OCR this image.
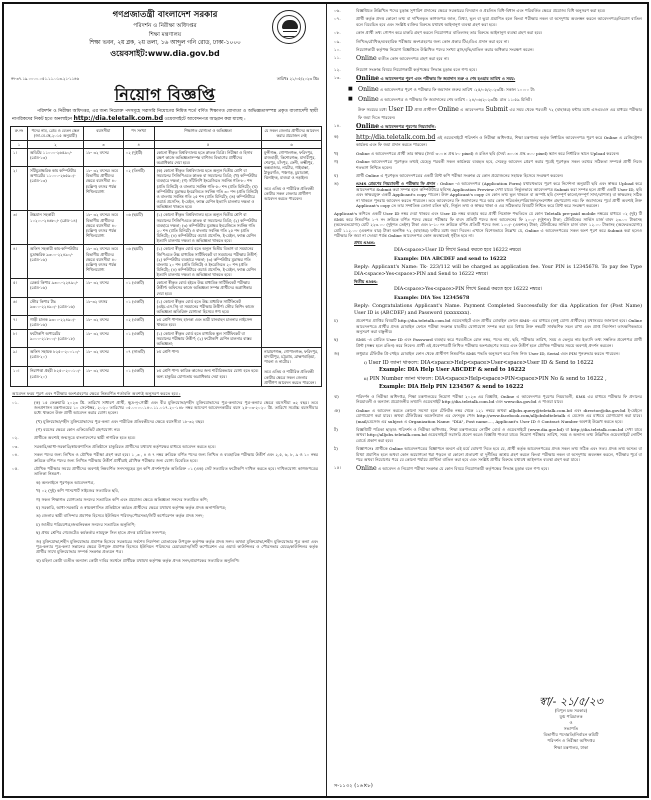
গণপ্রজাতন্ত্রী বাংলাদেশ সরকার
পরিদর্শন ও নিরীক্ষা অধিদপ্তর
শিক্ষা মন্ত্রণালয়
শিক্ষা ভবন, ২য় ব্লক, ২য় তলা, ১৬ আব্দুল গনি রোড, ঢাকা-১০০০
ওয়েবসাইট:www.dia.gov.bd
নং-৩৭.১৯.০০০০.০৫১.১১.০১৩.২১-১১৪৬	তারিখঃ ২১/০৫/২০২৩ খ্রিঃ
নিয়োগ বিজ্ঞপ্তি
পরিদর্শন ও নিরীক্ষা অধিদপ্তর, এর জন্য নিম্নোক্ত পদসমূহে সরাসরি নিয়োগের নিমিত্ত শর্তে বর্ণিত শিক্ষাগত যোগ্যতা ও অভিজ্ঞতাসম্পন্ন প্রকৃত বাংলাদেশী স্থায়ী নাগরিকদের নিকট হতে অনলাইনে http://dia.teletalk.com.bd ওয়েবসাইটে আবেদনপত্র আহ্বান করা যাচ্ছে :
ক্র.নং	পদের নাম, গ্রেড ও বেতন স্কেল (জা.বে.স্কে,২০১৫ অনুযায়ী)	বয়সসীমা	পদ সংখ্যা	শিক্ষাগত যোগ্যতা ও অভিজ্ঞতা	যে সকল জেলার প্রার্থীদের আবেদন করার প্রয়োজন নেই
১	২	৩	৪	৫	৬
১।	অডিটর ১১০০০-২৬৫৯০/- (গ্রেড-১৩)	১৮- ৩২ বৎসর	০২ (দুইটি)	কোনো স্বীকৃত বিশ্ববিদ্যালয় হতে স্নাতক ডিগ্রি। নিরীক্ষা ও হিসাব রক্ষণ কাজে অভিজ্ঞতাসম্পন্ন বাণিজ্য বিভাগের প্রার্থীদের অগ্রাধিকার দেয়া হবে।	মুন্সীগঞ্জ, গোপালগঞ্জ, ফরিদপুর, রাজবাড়ী, কিশোরগঞ্জ, মাদারীপুর, শেরপুর, চাঁদপুর, ফেনী, লক্ষ্মীপুর, কক্সবাজার, নাটোর, গাইবান্ধা, ঠাকুরগাঁও, পঞ্চগড়, চুয়াডাঙ্গা, ঝিনাইদহ, মাগুরা ও নড়াইল।
তবে এতিম ও শারীরিক প্রতিবন্ধী কোটার সকল জেলার প্রার্থীগণ আবেদন করতে পারবেন।

২।	সাঁটমুদ্রাক্ষরিক কাম কম্পিউটার অপারেটর ১১০০০-২৬৫৯০/- (গ্রেড-১৩)	১৮- ৩২ বৎসর। তবে বিভাগীয় প্রার্থীদের ক্ষেত্রে বয়সসীমা ৪০ (চল্লিশ) বৎসর পর্যন্ত শিথিলযোগ্য	০২ (তিনটি)	(ক) কোনো স্বীকৃত বিশ্ববিদ্যালয় হতে অন্যূন দ্বিতীয় শ্রেণি বা সমমানের সিজিপিএতে স্নাতক বা সমমানের ডিগ্রি; (খ) কম্পিউটার ব্যবহারে দক্ষতা; (গ) সাঁটলিপি ইংরেজিতে সর্বনিম্ন গতি-৮০ শব্দ (প্রতি মিনিটে) ও বাংলায় সর্বনিম্ন গতি-৫০ শব্দ (প্রতি মিনিটে); (ঘ) কম্পিউটার মুদ্রাক্ষর ইংরেজিতে সর্বনিম্ন গতি ৩০ শব্দ (প্রতি মিনিটে) ও বাংলায় সর্বনিম্ন গতি ২৫ শব্দ (প্রতি মিনিটে); (ঙ) কম্পিউটারে ওয়ার্ড প্রসেসিং, ই-মেইল, ফ্যাক্স মেশিন ইত্যাদি চালনায় দক্ষতা ও অভিজ্ঞতা থাকতে হবে।	
৩।	উচ্চমান সহকারী ১০২০০-২৪৬৮০/- (গ্রেড-১৪)	১৮- ৩২ বৎসর। তবে বিভাগীয় প্রার্থীদের ক্ষেত্রে বয়সসীমা ৪০ (চল্লিশ) বৎসর পর্যন্ত শিথিলযোগ্য	০৬ (ছয়টি)	(১) কোনো স্বীকৃত বিশ্ববিদ্যালয় হতে অন্যূন দ্বিতীয় শ্রেণি বা সমমানের সিজিপিএতে স্নাতক বা সমমানের ডিগ্রি; (২) কম্পিউটার ব্যবহারে দক্ষতা; (৩) কম্পিউটার মুদ্রাক্ষর ইংরেজিতে সর্বনিম্ন গতি ২০ শব্দ (প্রতি মিনিটে) ও বাংলায় সর্বনিম্ন গতি ২৫ শব্দ (প্রতি মিনিটে); (৪) কম্পিউটারে ওয়ার্ড প্রসেসিং, ই-মেইল, ফ্যাক্স মেশিন ইত্যাদি চালনায় দক্ষতা ও অভিজ্ঞতা থাকতে হবে।	
৪।	অফিস সহকারী কাম-কম্পিউটার মুদ্রাক্ষরিক ৯৩০০-২২৪৯০/- (গ্রেড-১৬)	১৮- ৩২ বৎসর। তবে বিভাগীয় প্রার্থীদের ক্ষেত্রে বয়সসীমা ৪০ (চল্লিশ) বৎসর পর্যন্ত শিথিলযোগ্য	০৬ (ছয়টি)	(১) কোনো স্বীকৃত বোর্ড হতে অন্যূন দ্বিতীয় বিভাগ বা সমমানের জিপিএতে উচ্চ মাধ্যমিক সার্টিফিকেট বা সমমানের পরীক্ষায় উত্তীর্ণ; (২) কম্পিউটার ব্যবহারে দক্ষতা; (৩) কম্পিউটার মুদ্রাক্ষর গতি বাংলায় ২০ শব্দ (প্রতি মিনিটে) ও ইংরেজিতে ২০ শব্দ (প্রতি মিনিটে); (৪) কম্পিউটারে ওয়ার্ড প্রসেসিং, ই-মেইল, ফ্যাক্স মেশিন ইত্যাদি চালনায় দক্ষতা ও অভিজ্ঞতা থাকতে হবে।	
৫।	রেকর্ড কিপার ৯৩০০-২২৪৯০/- (গ্রেড-১৬)	১৮- ৩২ বৎসর	০১ (একটি)	কোনো স্বীকৃত বোর্ড হইতে উচ্চ মাধ্যমিক সার্টিফিকেট পরীক্ষায় উত্তীর্ণ। অফিসের কাজে অভিজ্ঞতা সম্পন্ন প্রার্থীদের অগ্রাধিকার দেয়া হবে।	
৬।	স্টোর কিপার টাঃ ৯৩০০-২২৪৯০/- (গ্রেড-১৬)	১৮-৩২ বৎসর	০১ (একটি)	(১) কোনো স্বীকৃত বোর্ড হতে উচ্চ মাধ্যমিক সার্টিফিকেট (এইচ.এস.সি) বা সমমানের পরীক্ষায় উত্তীর্ণ। স্টোর কিপিং কাজে অভিজ্ঞতা অতিরিক্ত যোগ্যতা হিসেবে গণ্য হবে।	
৭।	গাড়ী চালক ৯৩০০-২২৪৯০/- (গ্রেড-১৬)	১৮- ৩২ বৎসর	০২ (একটি)	৮ম শ্রেণি পাশসহ হালকা এবং ভারী যানবাহন চালনার লাইসেন্স থাকতে হবে।	
৮।	ফটোকপি অপারেটর ৯০০০-২১৮০০/- (গ্রেড-১৮)	১৮- ৩২ বৎসর	০১ (একটি)	(১) কোনো স্বীকৃত বোর্ড হতে মাধ্যমিক স্কুল সার্টিফিকেট বা সমমানের পরীক্ষায় উত্তীর্ণ; (২) ফটোকপি মেশিন চালনার বাস্তব অভিজ্ঞতা;	
৯।	অফিস সহায়ক ৮২৫০-২০০১০/- (গ্রেড-২০)	১৮- ৩২ বৎসর	০৭ (সাতটি)	৮ম শ্রেণি পাশ।	নারায়ণগঞ্জ, গোপালগঞ্জ, ফরিদপুর, মাদারীপুর, চট্টগ্রাম, ব্রাহ্মণবাড়িয়া, পাবনা ও নাটোর।
তবে এতিম ও শারীরিক প্রতিবন্ধী কোটার ক্ষেত্রে সকল জেলার প্রার্থীগণ আবেদন করতে পারবেন।

১০।	নিরাপত্তা প্রহরী ৮২৫০-২০০১০/- (গ্রেড-২০)	১৮- ৩২ বৎসর	০১ (একটি)	৮ম শ্রেণি পাশ। কায়িক কাজের জন্য শারীরিকভাবে যোগ্য হতে হবে। অন্য চাকুরির যোগ্যতায় অগ্রাধিকার দেয়া হবে।	
আবেদন ফরম পূরণ এবং পরীক্ষায় অংশগ্রহণের ক্ষেত্রে নিম্নবর্ণিত শর্তাবলি অবশ্যই অনুসরণ করতে হবে :
০১.	(ক) ১৫ ফেব্রুয়ারি ২০২৩ খ্রি. তারিখে সাধারণ প্রার্থী, ক্ষুদ্র-নৃ-গোষ্ঠী এবং বীর মুক্তিযোদ্ধা/শহীদ মুক্তিযোদ্ধাদের পুত্র-কন্যাদের পুত্র-কন্যার ক্ষেত্রে বয়সসীমা ৩২ বছর। তবে জনপ্রশাসন মন্ত্রণালয়ের ১০ সেপ্টেম্বর, ২০২০ তারিখের ০৫.০০০০.১৪০.১১.০১৭.২০-১৪৮ নম্বর আদেশে আবেদনকারীর বয়স ২৫-০৩-২০২০ খ্রি. তারিখে সর্বোচ্চ বয়সসীমার মধ্যে থাকলে উক্ত প্রার্থী আবেদন করার যোগ্য হবেন।
(খ) মুক্তিযোদ্ধা/শহীদ মুক্তিযোদ্ধাদের পুত্র-কন্যা এবং শারীরিক প্রতিবন্ধীদের ক্ষেত্রে বয়সসীমা ১৮-৩২ বছর।
(গ) বয়সের ক্ষেত্রে কোন এফিডেভিট গ্রহণযোগ্য নয়।
০২.	প্রার্থীকে অবশ্যই জন্মসূত্রে বাংলাদেশের স্থায়ী নাগরিক হতে হবে।
০৩.	সরকারি/আধা-সরকারি/স্বায়ত্তশাসিত প্রতিষ্ঠানে চাকুরিরত প্রার্থীদের যথাযথ কর্তৃপক্ষের মাধ্যমে আবেদন করতে হবে।
০৪.	সকল পদের জন্য লিখিত ও মৌখিক পরীক্ষা গ্রহণ করা হবে। ১ ,৩ , ৪ ও ৭ নম্বর ক্রমিকে বর্ণিত পদের জন্য লিখিত ও ব্যবহারিক পরীক্ষায় উত্তীর্ণ এবং ২,৫, ৬, ৮, ৯ ও ১০ নম্বর ক্রমিকে বর্ণিত পদের জন্য লিখিত পরীক্ষায় উত্তীর্ণ প্রার্থীরাই মৌখিক পরীক্ষার জন্য যোগ্য বিবেচিত হবে।
০৫.	মৌখিক পরীক্ষার সময়ে প্রার্থীদের অবশ্যই নিম্নবর্ণিত সনদসমূহের মূল কপি প্রদর্শনপূর্বক অতিরিক্ত ০১ (এক) সেট সত্যায়িত ফটোকপি দাখিল করতে হবে। দাখিলযোগ্য কাগজপত্রের তালিকা নিম্নরূপ:
ক) অনলাইনে পূরণকৃত আবেদনপত্র,
খ) ০২ (দুই) কপি পাসপোর্ট সাইজের সত্যায়িত ছবি,
গ) সকল শিক্ষাগত যোগ্যতার সনদের সত্যায়িত কপি এবং প্রযোজ্য ক্ষেত্রে অভিজ্ঞতা সনদের সত্যায়িত কপি;
ঘ) সরকারি, আধা-সরকারি ও স্বায়ত্তশাসিত প্রতিষ্ঠানে কর্মরত প্রার্থীদের ক্ষেত্রে যথাযথ কর্তৃপক্ষ কর্তৃক প্রদত্ত অনাপত্তিপত্র;
ঙ) জেলার স্থায়ী বাসিন্দার প্রমাণক হিসেবে ইউনিয়ন পরিষদ/পৌরসভা/সিটি কর্পোরেশন কর্তৃক প্রদত্ত সনদ;
চ) জাতীয় পরিচয়পত্র/জন্মনিবন্ধন সনদের সত্যায়িত অনুলিপি;
ছ) প্রথম শ্রেণির গেজেটেড কর্মকর্তার নামযুক্ত সিল হাতে প্রদত্ত চারিত্রিক সনদপত্র;
জ) মুক্তিযোদ্ধা/শহীদ মুক্তিযোদ্ধার প্রমাণক হিসেবে সরকারের সর্বশেষ নির্দেশনা মোতাবেক উপযুক্ত কর্তৃপক্ষ কর্তৃক প্রদত্ত সনদ। অথবা মুক্তিযোদ্ধা/শহীদ মুক্তিযোদ্ধার পুত্র কন্যা এবং পুত্র-কন্যার পুত্র-কন্যা সন্তানের ক্ষেত্রে উপযুক্ত প্রমাণক হিসেবে ইউনিয়ন পরিষদের চেয়ারম্যান/সিটি কর্পোরেশন এর ওয়ার্ড কাউন্সিলর ও পৌরসভার মেয়র/কাউন্সিলর কর্তৃক প্রার্থীর সাথে মুক্তিযোদ্ধার সম্পর্ক সংক্রান্ত প্রত্যয়ন পত্র।
ঝ) মহিলা কোটা ব্যতীত অন্যান্য কোটা দাবির সমর্থনে প্রার্থীকে যথাযথ কর্তৃপক্ষ কর্তৃক প্রদত্ত সনদ/প্রমাণকের সত্যায়িত অনুলিপি।
০৬.	বিজ্ঞপ্তিতে উল্লিখিত পদের চূড়ান্ত সুপারিশ প্রদানের ক্ষেত্রে সরকারের বিদ্যমান ও প্রচলিত বিধি-বিধান এবং পরিবর্তিত ক্ষেত্রে প্রযোজ্য বিধি অনুসরণ করা হবে।
০৭.	প্রার্থী কর্তৃক প্রদত্ত কোনো তথ্য বা দাখিলকৃত কাগজপত্র জাল, মিথ্যা, ভুল বা ভুয়া প্রমাণিত হলে কিংবা পরীক্ষায় নকল বা অসদুপায় অবলম্বন করলে আবেদনপত্র/নিয়োগ বাতিল বলে বিবেচিত হবে এবং সংশ্লিষ্ট ব্যক্তির বিরুদ্ধে যথাযথ আইনানুগ ব্যবস্থা গ্রহণ করা হবে।
০৮.	কোন প্রার্থী তথ্য গোপন করে চাকরি গ্রহণ করলে নিয়োগপত্র বাতিলসহ তার বিরুদ্ধে আইনানুগ ব্যবস্থা গ্রহণ করা হবে।
০৯.	লিখিত/মৌখিক/ব্যবহারিক পরীক্ষায় অংশগ্রহণের জন্য কোন প্রকার টিএ/ডিএ প্রদান করা হবে না।
১০.	নিয়োগকারী কর্তৃপক্ষ নিয়োগ বিজ্ঞপ্তিতে উল্লিখিত পদের সংখ্যা হ্রাস/বৃদ্ধি/বাতিল করার অধিকার সংরক্ষণ করেন।
১১.	Online ব্যতীত কোন আবেদনপত্র গ্রহণ করা হবে না।
১২.	নিয়োগ সংক্রান্ত বিষয়ে নিয়োগকারী কর্তৃপক্ষের সিদ্ধান্ত চূড়ান্ত বলে গণ্য হবে।
১৩.	Online এ আবেদনপত্র পূরণ এবং পরীক্ষার ফি জমাদান শুরু ও শেষ হওয়ার তারিখ ও সময়:
■ Online এ আবেদনপত্র পূরণ ও পরীক্ষার ফি জমাদান শুরুর তারিখ :২৫/০৫/২০২৩খ্রি: সকাল ১০:০০ টা:
■ Online এ আবেদনপত্র ও পরীক্ষার ফি জমাদানের শেষ তারিখ : ২৪/০৬/২০২৩খ্রি: রাত ১১:৫৯ মিনিট।
উক্ত সময়ের মধ্যে User ID প্রাপ্ত প্রার্থীগণ Online এ আবেদনপত্র Submit এর সময় থেকে পরবর্তী ৭২ (বাহাত্তর) ঘন্টার মধ্যে এসএমএস এর মাধ্যমে পরীক্ষার ফি জমা দিতে পারবেন।
১৪.	Online এ আবেদনপত্র পূরণের নিয়মাবলি:
ক)	http://dia.teletalk.com.bd এই ওয়েবসাইটে পরিদর্শন ও নিরীক্ষা অধিদপ্তর, শিক্ষা মন্ত্রণালয় কর্তৃক নির্ধারিত আবেদনপত্র পূরণ করে Online এ রেজিস্ট্রেশন কার্যক্রম এবং ফি জমা প্রদান করতে পারবেন।
খ)	Online এ আবেদনপত্রে প্রার্থী তার স্বাক্ষর (দৈর্ঘ্য ৩০০× প্রস্থ ৮০ pixel) ও রঙিন ছবি (দৈর্ঘ্য ৩০০× প্রস্থ ৩০০ pixel) স্ক্যান করে নির্ধারিত স্থানে Upload করবেন।
গ)	Online আবেদনপত্রে পূরণকৃত তথ্যই যেহেতু পরবর্তী সকল কার্যক্রমে ব্যবহৃত হবে, সেহেতু আবেদন প্রেরণ করার পূর্বেই পূরণকৃত সকল তথ্যের সঠিকতা সম্পর্কে প্রার্থী নিজে শতভাগ নিশ্চিত হবেন।
ঘ)	প্রার্থী Online এ পূরণকৃত আবেদনপত্রের একটি প্রিন্ট কপি পরীক্ষা সংক্রান্ত যে কোন প্রয়োজনের সহায়ক হিসেবে সংরক্ষণ করবেন।
ঙ)	SMS প্রেরণের নিয়মাবলী ও পরীক্ষার ফি প্রদান : Online -এ আবেদনপত্র (Application Form) যথাযথভাবে পূরণ করে নির্দেশনা অনুযায়ী ছবি এবং স্বাক্ষর Upload করে আবেদনপত্র Submit করা সম্পন্ন হলে কম্পিউটারে ছবিসহ Application Preview দেখা যাবে। নির্ভুলভাবে আবেদনপত্র Submit করা সম্পন্ন হলে প্রার্থী একটি User ID, ছবি এবং স্বাক্ষরযুক্ত একটি Applicant's copy পাবেন। উক্ত Applicant's copy তে কোন তথ্য ভুল থাকলে বা অস্পষ্ট ছবি (সম্পূর্ণ কালো/সম্পূর্ণ সাদা/ঝাপসা) বা স্বাক্ষরসহ সঠিক না থাকলে পুনরায় আবেদন করতে পারবেন। তবে আবেদনের ফি জমাদানের পরে আর কোন পরিবর্তন/পরিমার্জন/সংশোধন গ্রহণযোগ্য নয়। ফি জমাদানের পূর্বে প্রার্থী অবশ্যই উক্ত Applicant's copy তে তার সম্প্রতিক তোলা রঙিন ছবি, নির্ভুল তথ্য ও স্বাক্ষর থাকা ও এর সঠিকতার বিষয়টি নিশ্চিত করে প্রিন্ট করে সংরক্ষণ করবেন।
Applicant's কপিতে একটি User ID নম্বর দেয়া থাকবে এবং User ID নম্বর ব্যবহার করে প্রার্থী নিম্নোক্ত পদ্ধতিতে যে কোন Teletalk pre-paid mobile নম্বরের মাধ্যমে ০২ (দুই) টি SMS করে নিম্নবর্ণিত ১-৭ নং ক্রমিকে বর্ণিত পদের ক্ষেত্রে পরীক্ষার ফি বাবদ প্রতিটি পদের জন্য আবেদনের ফি ২০০/- (দুইশত) টাকা; টেলিটকের সার্ভিস চার্জ বাবদ ২৩.০০ টাকাসহ (অফেরতযোগ্য) মোট ২২৩.০০ (দুইশত তেইশ) টাকা এবং ৮-১০ নং ক্রমিকে বর্ণিত প্রতিটি পদের জন্য ১০০/- (একশত) টাকা; টেলিটকের সার্ভিস চার্জ বাবদ ১২.০০ টাকাসহ (অফেরতযোগ্য) মোট ১১২.০০ (একশত বার) টাকা অনধিক ৭২ (বাহাত্তর) ঘণ্টার মধ্যে জমা দিবেন। এখানে বিশেষভাবে উল্লেখ্য যে, Online এ আবেদনপত্রের সকল অংশ পূরণ করে Submit করা হলেও পরীক্ষার ফি জমা না দেওয়া পর্যন্ত Online আবেদনপত্র কোন অবস্থাতেই গৃহীত হবে না।
প্রথম SMS:
DIA<space>User ID লিখে Send করতে হবে 16222 নম্বরে।
Example: DIA ABCDEF and send to 16222
Reply: Applicant's Name: Tk- 223/112 will be charged as application fee. Your PIN is 12345678. To pay fee Type DIA<space>Yes<space>PIN and Send to 16222 নম্বরে।
দ্বিতীয় SMS:
DIA<space>Yes<space>PIN লিখে Send করতে হবে 16222 নম্বরে।
Example: DIA Yes 12345678
Reply: Congratulations Applicant's Name. Payment Completed Successfully for dia Application for (Post Name) User ID is (ABCDEF) and Password (xxxxxxxx).
চ)	প্রবেশপত্র প্রাপ্তির বিষয়টি http://dia.teletalk.com.bd ওয়েবসাইটে এবং প্রার্থীর মোবাইল ফোনে SMS- এর মাধ্যমে (শুধু যোগ্য প্রার্থীদের) যথাসময়ে জানানো হবে। Online আবেদনপত্রে প্রার্থীর প্রদত্ত মোবাইল ফোনে পরীক্ষা সংক্রান্ত যাবতীয় যোগাযোগ সম্পন্ন করা হবে বিধায় উক্ত নম্বরটি সার্বক্ষণিক সচল রাখা এবং প্রাপ্ত নির্দেশনা তাৎক্ষণিকভাবে অনুসরণ করা বাঞ্ছনীয়।
ছ)	SMS -এ প্রেরিত User ID এবং Password ব্যবহার করে পরবর্তীতে রোল নম্বর, পদের নাম, ছবি, পরীক্ষার তারিখ, সময় ও ভেন্যুর নাম ইত্যাদি তথ্য সম্বলিত প্রবেশপত্র প্রার্থী প্রিন্ট (সম্ভব হলে রঙিন) করে নিবেন। প্রার্থী এই প্রবেশপত্রটি লিখিত পরীক্ষায় অংশগ্রহণের সময়ে এবং উত্তীর্ণ হলে মৌখিক পরীক্ষার সময়ে অবশ্যই প্রদর্শন করবেন।
জ)	শুধুমাত্র টেলিটক প্রি-পেইড মোবাইল ফোন থেকে প্রার্থীগণ নিম্নবর্ণিত SMS পদ্ধতি অনুসরণ করে নিজ নিজ User ID, Serial এবং PIN পুনরুদ্ধার করতে পারবেন।
i) User ID জানা থাকলে: DIA<space>Help<space>User<space>User ID & Send to 16222
Example: DIA Help User ABCDEF & send to 16222
ii) PIN Number জানা থাকলে: DIA<space>Help<space>PIN<space>PIN No & send to 16222 ,
Example: DIA Help PIN 1234567 & send to 16222
ঝ)	পরিদর্শন ও নিরীক্ষা অধিদপ্তর, শিক্ষা মন্ত্রণালয়ের নিয়োগ পরীক্ষা ২০২৩ এর বিজ্ঞপ্তি, Online এ আবেদনপত্র পূরণের নিয়মাবলী, SMS এর মাধ্যমে পরীক্ষার ফি প্রদানের নিয়মাবলী ও অন্যান্য প্রয়োজনীয় তথ্যাদি ওয়েবসাইট http://dia.teletalk.com.bd এবং www.dia.gov.bd এ পাওয়া যাবে।
ঞ)	Online এ আবেদন করতে কোনো সমস্যা হলে টেলিটক নম্বর থেকে ১২১ নম্বরে অথবা alljobs.query@teletalk.com.bd এবং director@dia.gov.bd ই-মেইলে যোগাযোগ করা যাবে। অথবা টেলিটকের অফেসিয়াল এর ফেসবুক পেজ http://www.facebook.com/alljobsbdteletalk এ মেসেজ এর মাধ্যমে যোগাযোগ করা যাবে। (mail/মেসেজ এর subject এ Organization Name: "DIA", Post name...., Applicant's User ID ও Contract Number অবশ্যই উল্লেখ করতে হবে।
ট)	বিজ্ঞপ্তিটি পত্রিকা ছাড়াও পরিদর্শন ও নিরীক্ষা অধিদপ্তর, শিক্ষা মন্ত্রণালয়ের নোটিশ বোর্ড ও ওয়েবসাইটে (www.dia.gov.bd) বা http://dia.teletalk.com.bd দেখা যাবে অথবা http://alljobs.teletalk.com.bd ওয়েবসাইটে সরাসরি প্রবেশ করেও বিজ্ঞপ্তি পাওয়া যাবে। নিয়োগ পরীক্ষার তারিখ, সময় ও অন্যান্য তথ্য উল্লিখিত ওয়েবসাইটে নোটিশ বোর্ডে প্রকাশ করা হবে।
ঠ)	বিজ্ঞাপনেঃ প্রার্থীকে Online আবেদনপত্রের বিজ্ঞাপনে অংশে এই মর্মে ঘোষণা দিতে হবে যে, প্রার্থী কর্তৃক আবেদনপত্রের প্রদত্ত সকল তথ্য সঠিক এবং সত্য। প্রদত্ত তথ্য অসত্য বা মিথ্যা প্রমাণিত হলে অথবা কোন অযোগ্যতা ধরা পড়লে বা কোনো প্রতারণা বা দুর্নীতির আশ্রয় গ্রহণ করলে কিংবা পরীক্ষায় নকল বা অসদুপায় অবলম্বন করলে, পরীক্ষার পূর্বে বা পরে অথবা নিয়োগের পরে যে কোনো পর্যায়ে প্রার্থিতা বাতিল করা হবে এবং সংশ্লিষ্ট প্রার্থীর বিরুদ্ধে যথাযথ আইনগত ব্যবস্থা গ্রহণ করা যাবে।
১৫।	Online এ আবেদন ও নিয়োগ পরীক্ষা সংক্রান্ত যে কোন বিষয়ে নিয়োগকারী কর্তৃপক্ষের সিদ্ধান্ত চূড়ান্ত বলে গণ্য হবে।
স্বা/- ২১/৫/২৩
(বিপুল চন্দ্র সরকার)
যুগ্ম পরিচালক
ও
সভাপতি
বিভাগীয় পদোন্নতি/নির্বাচন কমিটি
পরিদর্শন ও নিরীক্ষা অধিদপ্তর
শিক্ষা মন্ত্রণালয়, ঢাকা
স-১১৩২ (১৬×৮)
